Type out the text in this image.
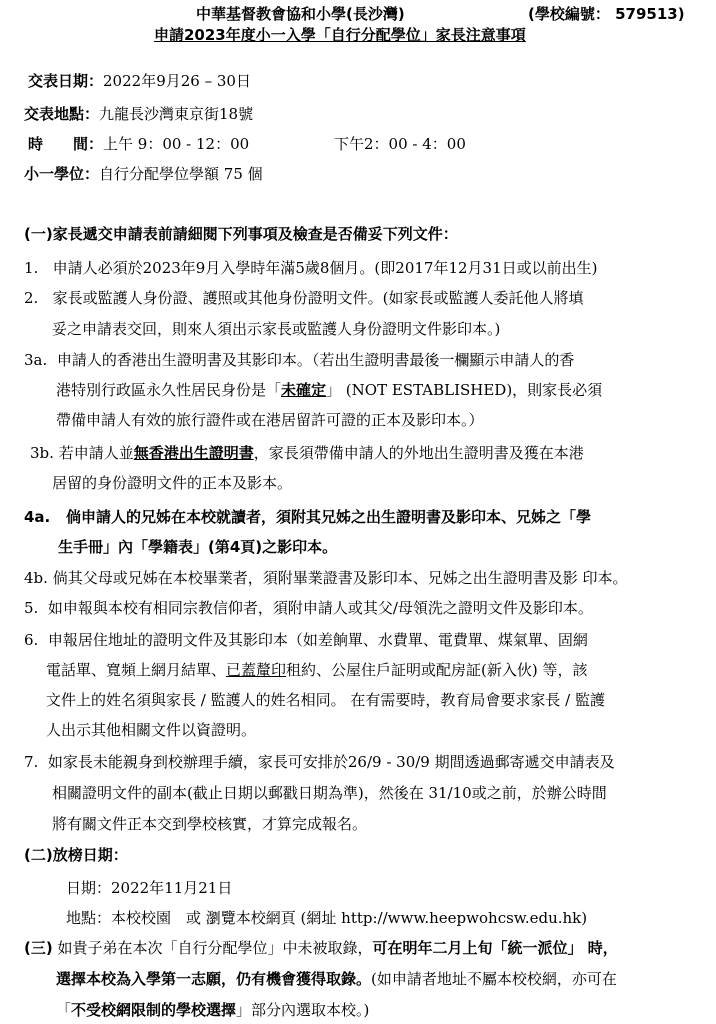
中華基督教會協和小學(長沙灣)	(學校編號： 579513)
申請2023年度小一入學「自行分配學位」家長注意事項
交表日期：2022年9月26 – 30日
交表地點：九龍長沙灣東京街18號
時　　間：上午 9：00 - 12：00	下午2：00 - 4：00
小一學位：自行分配學位學額 75 個
(一)家長遞交申請表前請細閱下列事項及檢查是否備妥下列文件：
1. 申請人必須於2023年9月入學時年滿5歲8個月。(即2017年12月31日或以前出生)
2. 家長或監護人身份證、護照或其他身份證明文件。(如家長或監護人委託他人將填
妥之申請表交回，則來人須出示家長或監護人身份證明文件影印本。)
3a. 申請人的香港出生證明書及其影印本。（若出生證明書最後一欄顯示申請人的香
港特別行政區永久性居民身份是「未確定」 (NOT ESTABLISHED)，則家長必須
帶備申請人有效的旅行證件或在港居留許可證的正本及影印本。）
3b. 若申請人並無香港出生證明書，家長須帶備申請人的外地出生證明書及獲在本港
居留的身份證明文件的正本及影本。
4a. 倘申請人的兄姊在本校就讀者，須附其兄姊之出生證明書及影印本、兄姊之「學
生手冊」內「學籍表」(第4頁)之影印本。
4b. 倘其父母或兄姊在本校畢業者，須附畢業證書及影印本、兄姊之出生證明書及影 印本。
5. 如申報與本校有相同宗教信仰者，須附申請人或其父/母領洗之證明文件及影印本。
6. 申報居住地址的證明文件及其影印本（如差餉單、水費單、電費單、煤氣單、固網
電話單、寬頻上網月結單、已蓋釐印租約、公屋住戶証明或配房証(新入伙) 等，該
文件上的姓名須與家長 / 監護人的姓名相同。 在有需要時，教育局會要求家長 / 監護
人出示其他相關文件以資證明。
7. 如家長未能親身到校辦理手續，家長可安排於26/9 - 30/9 期間透過郵寄遞交申請表及
相關證明文件的副本(截止日期以郵戳日期為準)，然後在 31/10或之前，於辦公時間
將有關文件正本交到學校核實，才算完成報名。
(二)放榜日期：
日期：2022年11月21日
地點：本校校園　或 瀏覽本校網頁 (網址 http://www.heepwohcsw.edu.hk)
(三) 如貴子弟在本次「自行分配學位」中未被取錄，可在明年二月上旬「統一派位」 時，
選擇本校為入學第一志願，仍有機會獲得取錄。(如申請者地址不屬本校校網，亦可在
「不受校網限制的學校選擇」部分內選取本校。)
